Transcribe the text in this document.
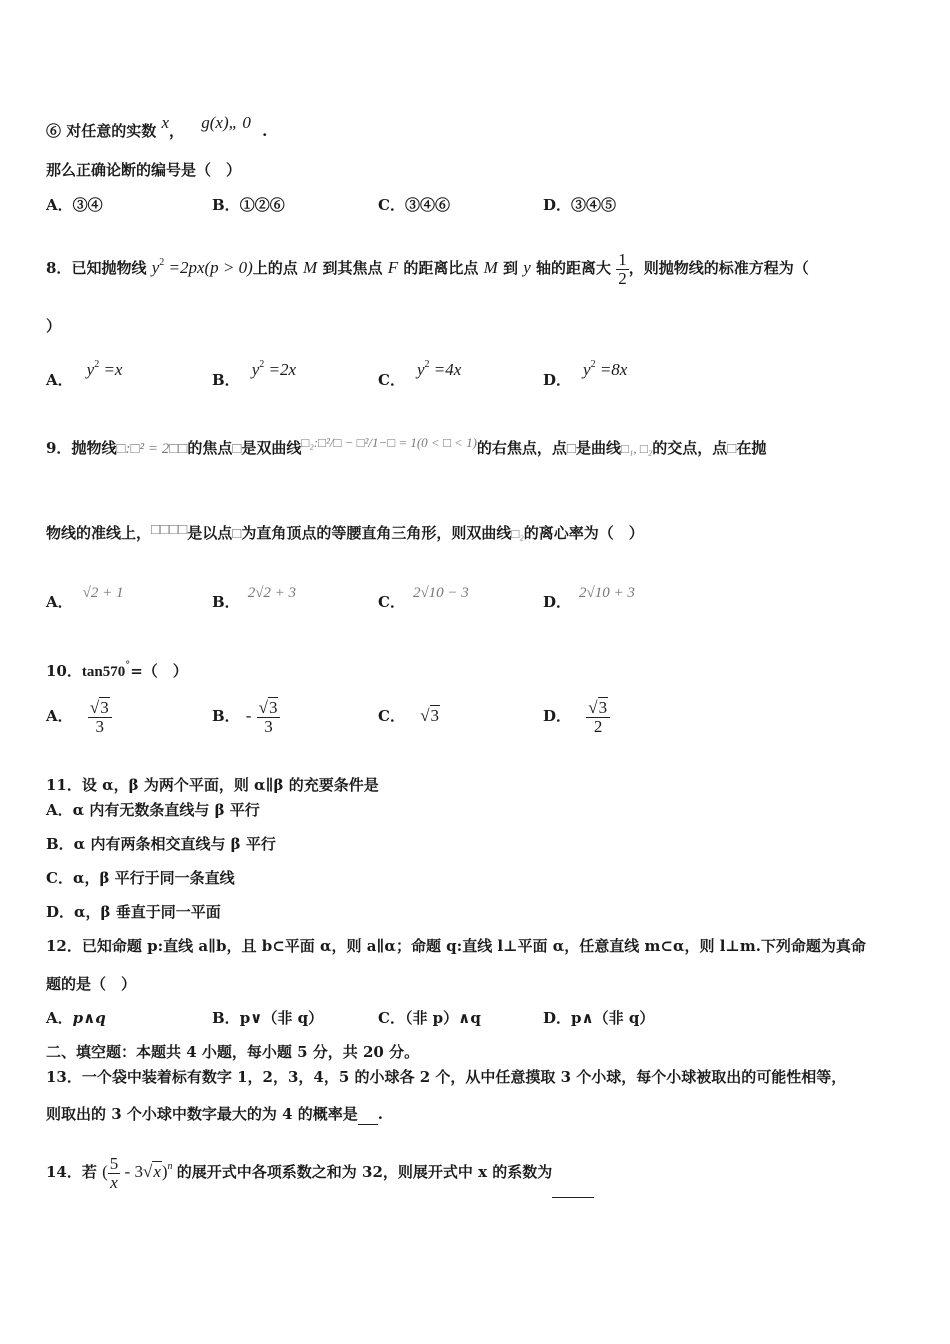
⑥ 对任意的实数 x， g(x)„ 0 .
那么正确论断的编号是（　）
A．③④	B．①②⑥	C．③④⑥	D．③④⑤
8．已知抛物线 $y^2 =2px(p > 0)$上的点 M 到其焦点 F 的距离比点 M 到 y 轴的距离大 $\frac{1}{2}$ ，则抛物线的标准方程为（
）
A．$y^2 =x$
B．$y^2 =2x$
C．$y^2 =4x$
D．$y^2 =8x$
9．抛物线□:□² = 2□□的焦点□是双曲线□₂:□²/□ − □²/1−□ = 1(0 < □ < 1)的右焦点，点□是曲线□₁, □₂的交点，点□在抛
物线的准线上，□□□□是以点□为直角顶点的等腰直角三角形，则双曲线□₂的离心率为（　）
A． √2 + 1	B． 2√2 + 3	C． 2√10 − 3	D． 2√10 + 3
10．tan570°=（　）
A． $\frac{√3}{3}$	B． - $\frac{√3}{3}$	C． √3	D． $\frac{√3}{2}$
11．设 α，β 为两个平面，则 α∥β 的充要条件是
A．α 内有无数条直线与 β 平行
B．α 内有两条相交直线与 β 平行
C．α，β 平行于同一条直线
D．α，β 垂直于同一平面
12．已知命题 p:直线 a∥b，且 b⊂平面 α，则 a∥α；命题 q:直线 l⊥平面 α，任意直线 m⊂α，则 l⊥m.下列命题为真命
题的是（　）
A．p∧q	B．p∨（非 q）	C．（非 p）∧q	D．p∧（非 q）
二、填空题：本题共 4 小题，每小题 5 分，共 20 分。
13．一个袋中装着标有数字 1，2，3，4，5 的小球各 2 个，从中任意摸取 3 个小球，每个小球被取出的可能性相等，
则取出的 3 个小球中数字最大的为 4 的概率是 .
14．若 ( $\frac{5}{x} - 3√x)^n$ 的展开式中各项系数之和为 32，则展开式中 x 的系数为
